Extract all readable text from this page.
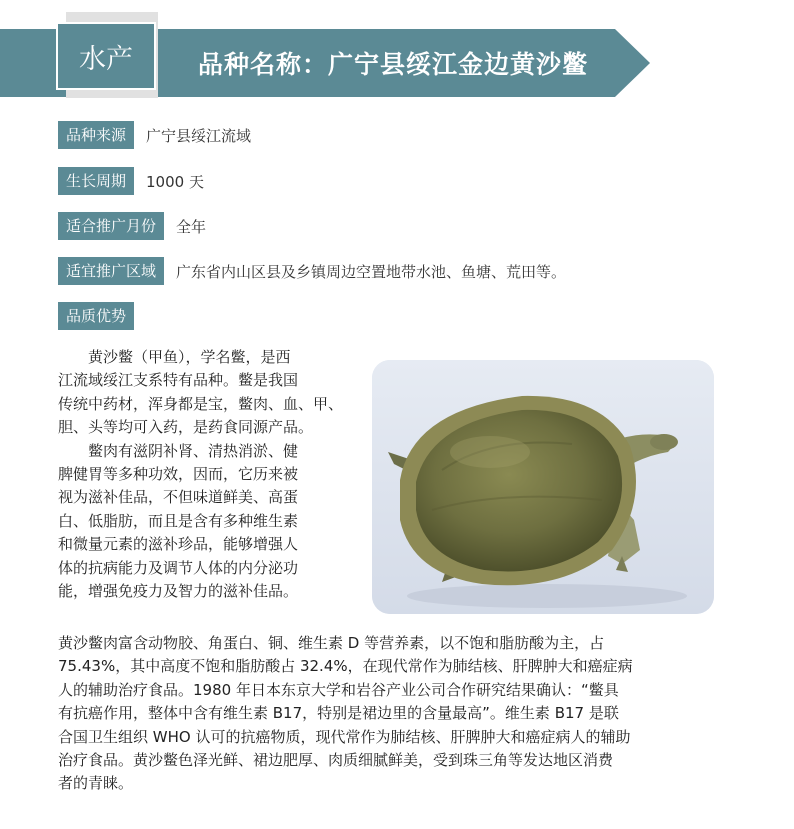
水产	品种名称：广宁县绥江金边黄沙鳖
品种来源	广宁县绥江流域
生长周期	1000 天
适合推广月份	全年
适宜推广区域	广东省内山区县及乡镇周边空置地带水池、鱼塘、荒田等。
品质优势

黄沙鳖（甲鱼），学名鳖，是西

江流域绥江支系特有品种。鳖是我国

传统中药材，浑身都是宝，鳖肉、血、甲、

胆、头等均可入药，是药食同源产品。

鳖肉有滋阴补肾、清热消淤、健

脾健胃等多种功效，因而，它历来被

视为滋补佳品，不但味道鲜美、高蛋

白、低脂肪，而且是含有多种维生素

和微量元素的滋补珍品，能够增强人

体的抗病能力及调节人体的内分泌功

能，增强免疫力及智力的滋补佳品。

黄沙鳖肉富含动物胶、角蛋白、铜、维生素 D 等营养素，以不饱和脂肪酸为主，占

75.43%，其中高度不饱和脂肪酸占 32.4%，在现代常作为肺结核、肝脾肿大和癌症病

人的辅助治疗食品。1980 年日本东京大学和岩谷产业公司合作研究结果确认：“鳖具

有抗癌作用，整体中含有维生素 B17，特别是裙边里的含量最高”。维生素 B17 是联

合国卫生组织 WHO 认可的抗癌物质，现代常作为肺结核、肝脾肿大和癌症病人的辅助

治疗食品。黄沙鳖色泽光鲜、裙边肥厚、肉质细腻鲜美，受到珠三角等发达地区消费

者的青睐。
